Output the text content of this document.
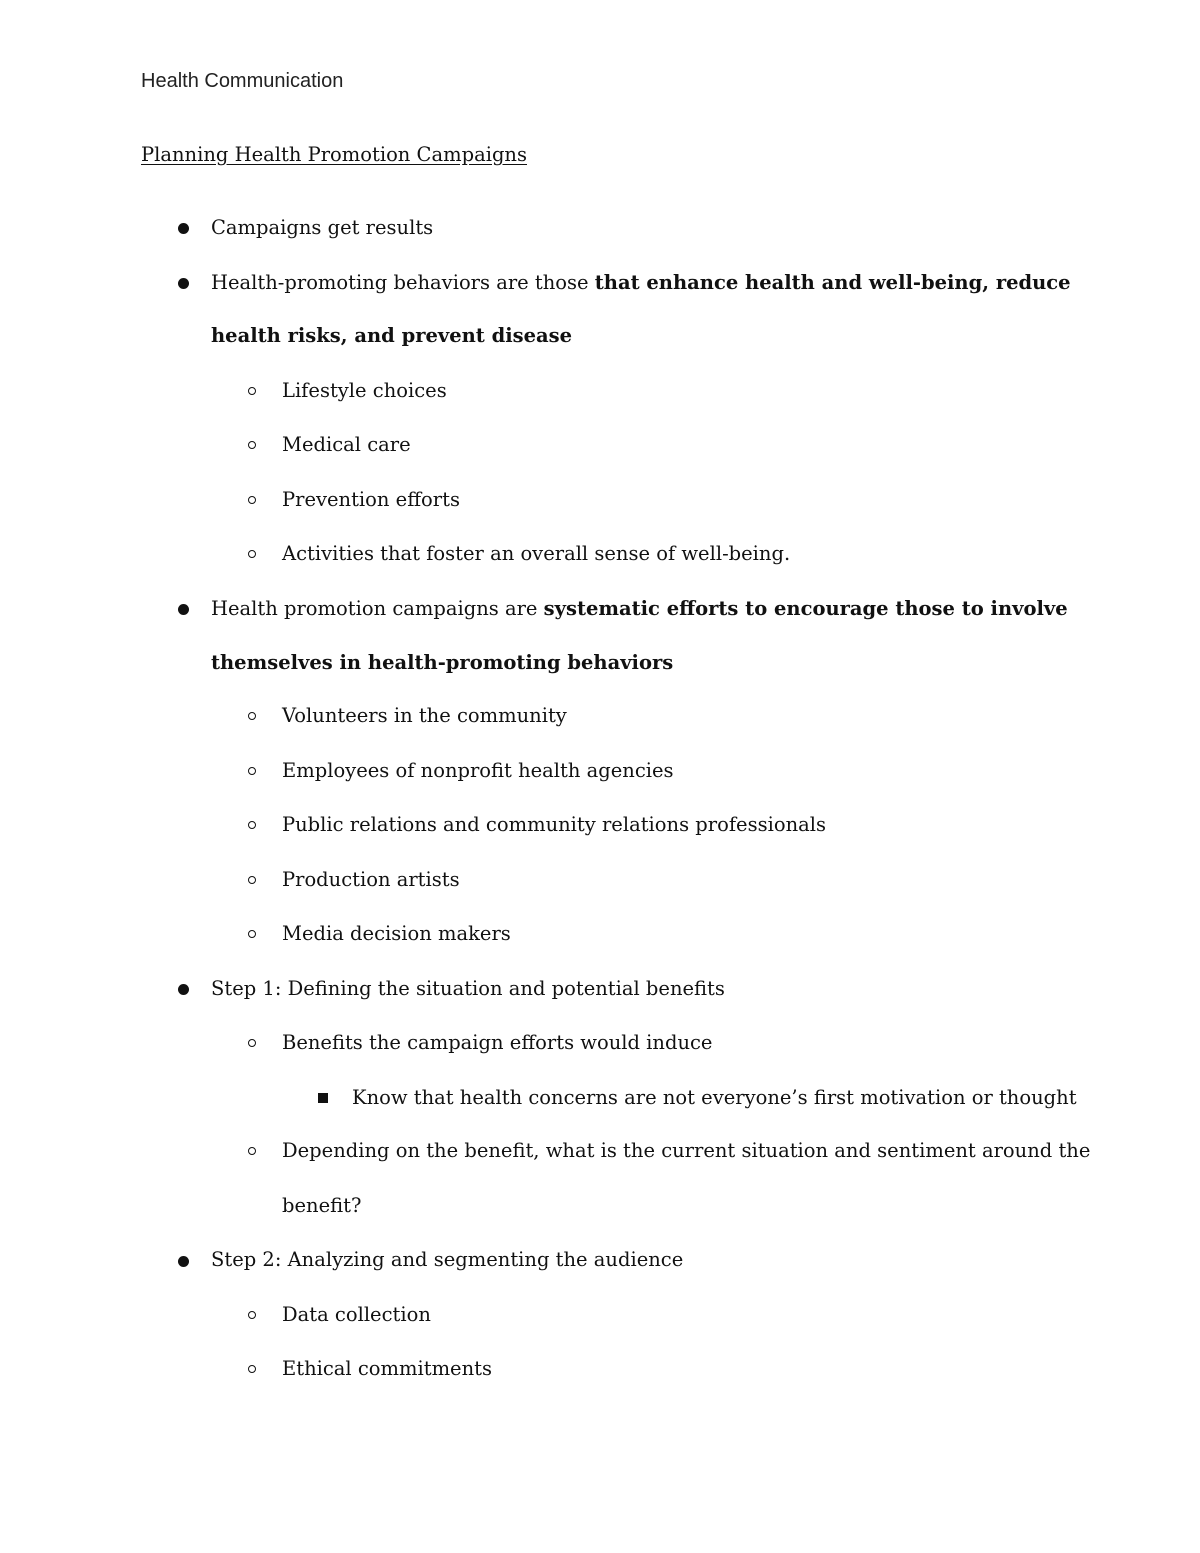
Health Communication
Planning Health Promotion Campaigns
Campaigns get results
Health-promoting behaviors are those that enhance health and well-being, reduce
health risks, and prevent disease
Lifestyle choices
Medical care
Prevention efforts
Activities that foster an overall sense of well-being.
Health promotion campaigns are systematic efforts to encourage those to involve
themselves in health-promoting behaviors
Volunteers in the community
Employees of nonprofit health agencies
Public relations and community relations professionals
Production artists
Media decision makers
Step 1: Defining the situation and potential benefits
Benefits the campaign efforts would induce
Know that health concerns are not everyone’s first motivation or thought
Depending on the benefit, what is the current situation and sentiment around the
benefit?
Step 2: Analyzing and segmenting the audience
Data collection
Ethical commitments
